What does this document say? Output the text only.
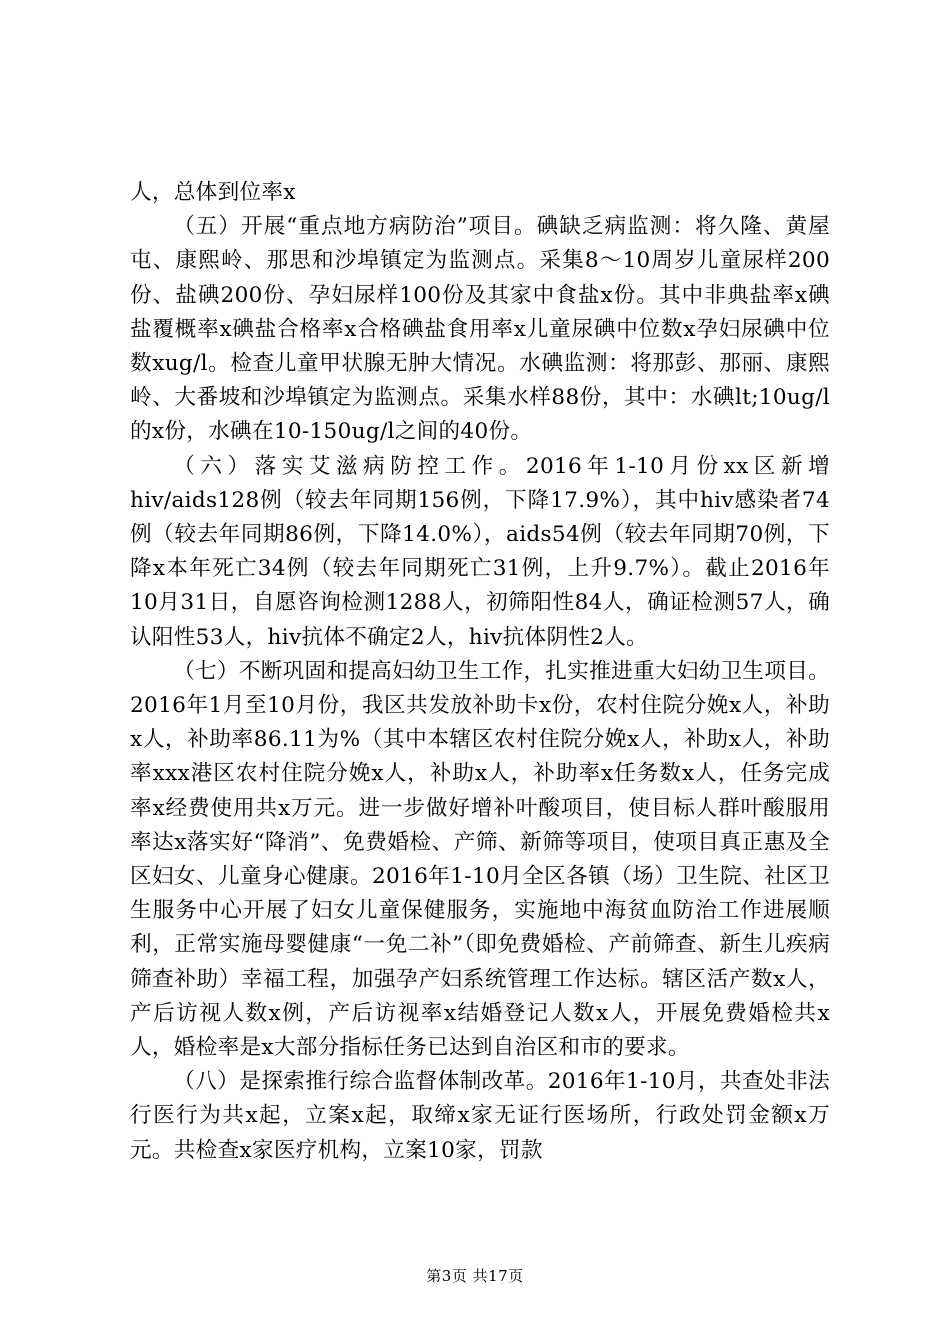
人，总体到位率x

（五）开展“重点地方病防治”项目。碘缺乏病监测：将久隆、黄屋屯、康熙岭、那思和沙埠镇定为监测点。采集8～10周岁儿童尿样200份、盐碘200份、孕妇尿样100份及其家中食盐x份。其中非典盐率x碘盐覆概率x碘盐合格率x合格碘盐食用率x儿童尿碘中位数x孕妇尿碘中位数xug/l。检查儿童甲状腺无肿大情况。水碘监测：将那彭、那丽、康熙岭、大番坡和沙埠镇定为监测点。采集水样88份，其中：水碘lt;10ug/l的x份，水碘在10-150ug/l之间的40份。

（六）落实艾滋病防控工作。2016年1-10月份xx区新增hiv/aids128例（较去年同期156例，下降17.9%），其中hiv感染者74例（较去年同期86例，下降14.0%），aids54例（较去年同期70例，下降x本年死亡34例（较去年同期死亡31例，上升9.7%）。截止2016年10月31日，自愿咨询检测1288人，初筛阳性84人，确证检测57人，确认阳性53人，hiv抗体不确定2人，hiv抗体阴性2人。

（七）不断巩固和提高妇幼卫生工作，扎实推进重大妇幼卫生项目。2016年1月至10月份，我区共发放补助卡x份，农村住院分娩x人，补助x人，补助率86.11为%（其中本辖区农村住院分娩x人，补助x人，补助率xxx港区农村住院分娩x人，补助x人，补助率x任务数x人，任务完成率x经费使用共x万元。进一步做好增补叶酸项目，使目标人群叶酸服用率达x落实好“降消”、免费婚检、产筛、新筛等项目，使项目真正惠及全区妇女、儿童身心健康。2016年1-10月全区各镇（场）卫生院、社区卫生服务中心开展了妇女儿童保健服务，实施地中海贫血防治工作进展顺利，正常实施母婴健康“一免二补”（即免费婚检、产前筛查、新生儿疾病筛查补助）幸福工程，加强孕产妇系统管理工作达标。辖区活产数x人，产后访视人数x例，产后访视率x结婚登记人数x人，开展免费婚检共x人，婚检率是x大部分指标任务已达到自治区和市的要求。

（八）是探索推行综合监督体制改革。2016年1-10月，共查处非法行医行为共x起，立案x起，取缔x家无证行医场所，行政处罚金额x万元。共检查x家医疗机构，立案10家，罚款

第3页 共17页
